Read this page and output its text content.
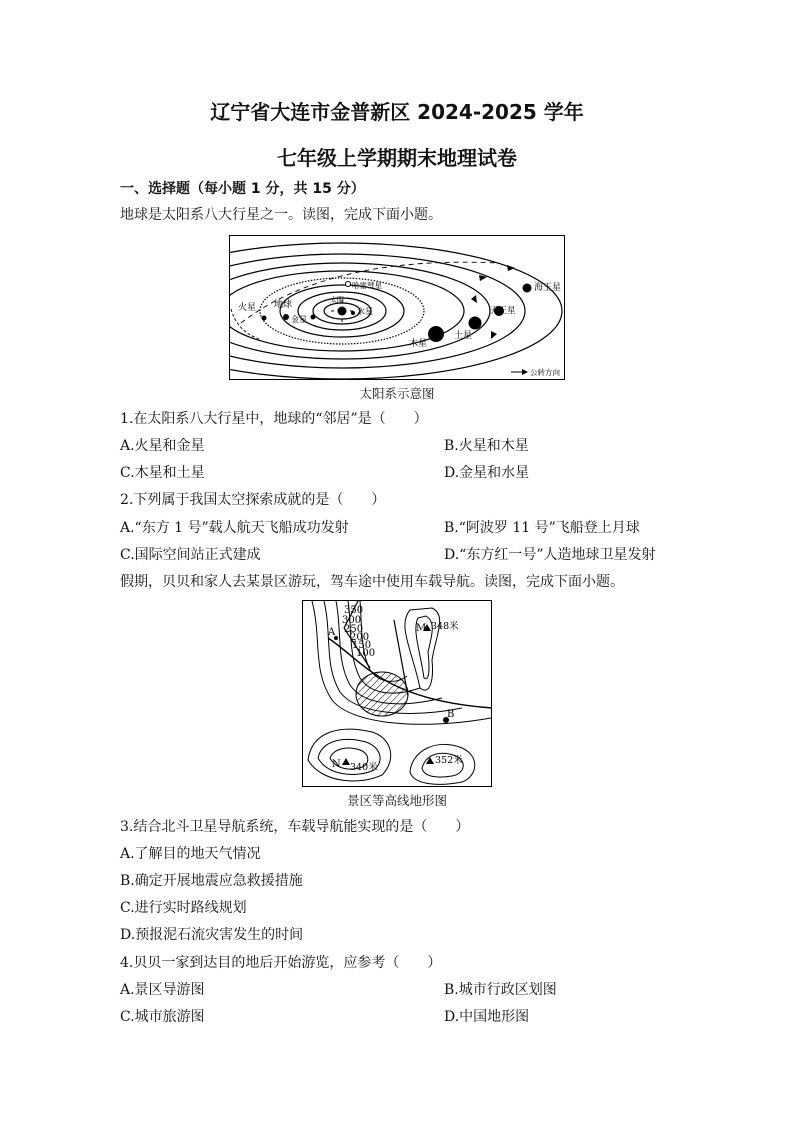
辽宁省大连市金普新区 2024-2025 学年
七年级上学期期末地理试卷
一、选择题（每小题 1 分，共 15 分）
地球是太阳系八大行星之一。读图，完成下面小题。
海王星
天王星
土星
木星
火星 地球
金星
水星
太阳
哈雷彗星
公转方向
太阳系示意图
1.在太阳系八大行星中，地球的“邻居”是（　　）
A.火星和金星	B.火星和木星
C.木星和土星	D.金星和水星
2.下列属于我国太空探索成就的是（　　）
A.“东方 1 号”载人航天飞船成功发射	B.“阿波罗 11 号”飞船登上月球
C.国际空间站正式建成	D.“东方红一号”人造地球卫星发射
假期，贝贝和家人去某景区游玩，驾车途中使用车载导航。读图，完成下面小题。
350
300
250
200
150
100
A
B
M 348米
N 340米
352米
景区等高线地形图
3.结合北斗卫星导航系统，车载导航能实现的是（　　）
A.了解目的地天气情况
B.确定开展地震应急救援措施
C.进行实时路线规划
D.预报泥石流灾害发生的时间
4.贝贝一家到达目的地后开始游览，应参考（　　）
A.景区导游图	B.城市行政区划图
C.城市旅游图	D.中国地形图
